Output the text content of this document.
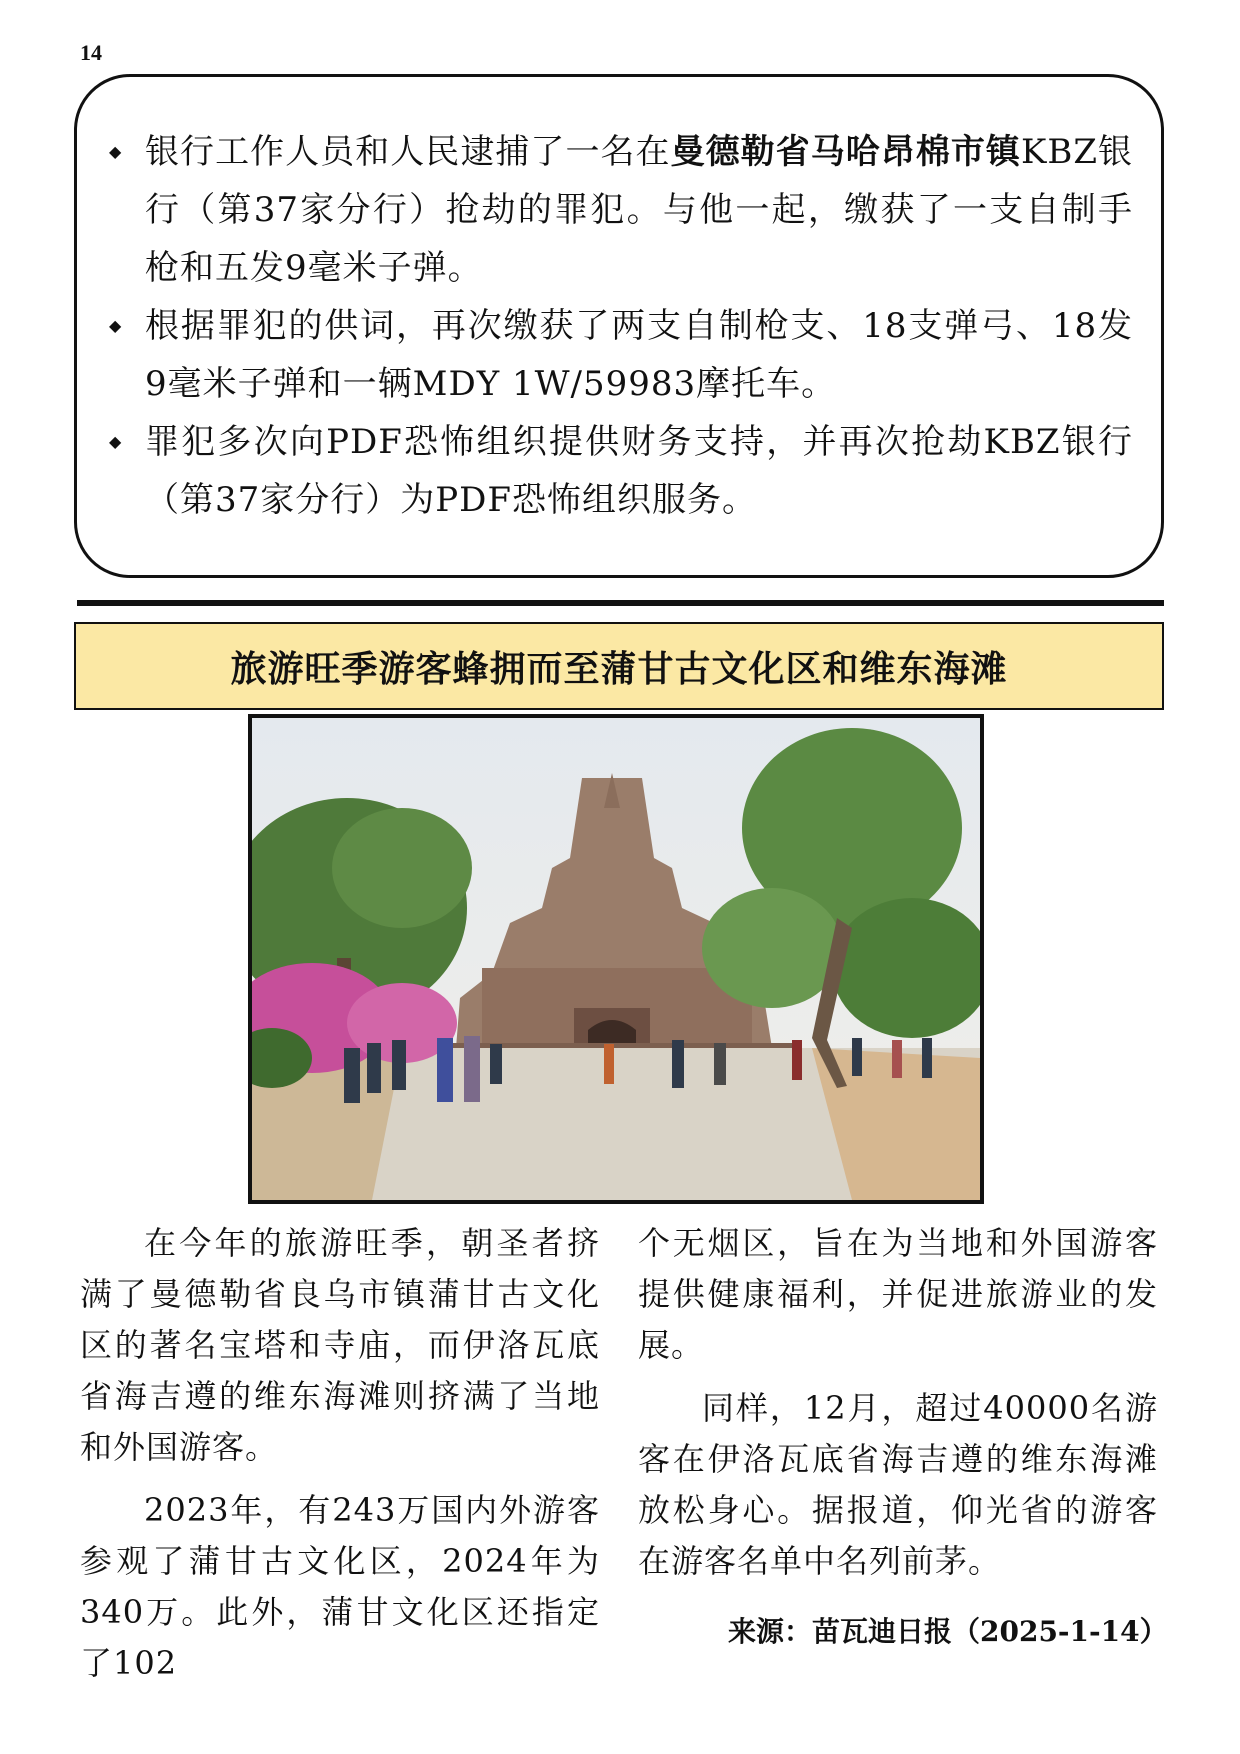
14
◆ 银行工作人员和人民逮捕了一名在曼德勒省马哈昂棉市镇KBZ银行（第37家分行）抢劫的罪犯。与他一起，缴获了一支自制手枪和五发9毫米子弹。
◆ 根据罪犯的供词，再次缴获了两支自制枪支、18支弹弓、18发9毫米子弹和一辆MDY 1W/59983摩托车。
◆ 罪犯多次向PDF恐怖组织提供财务支持，并再次抢劫KBZ银行（第37家分行）为PDF恐怖组织服务。
旅游旺季游客蜂拥而至蒲甘古文化区和维东海滩

在今年的旅游旺季，朝圣者挤满了曼德勒省良乌市镇蒲甘古文化区的著名宝塔和寺庙，而伊洛瓦底省海吉遵的维东海滩则挤满了当地和外国游客。

2023年，有243万国内外游客参观了蒲甘古文化区，2024年为340万。此外，蒲甘文化区还指定了102

个无烟区，旨在为当地和外国游客提供健康福利，并促进旅游业的发展。

同样，12月，超过40000名游客在伊洛瓦底省海吉遵的维东海滩放松身心。据报道，仰光省的游客在游客名单中名列前茅。

来源：苗瓦迪日报（2025-1-14）
